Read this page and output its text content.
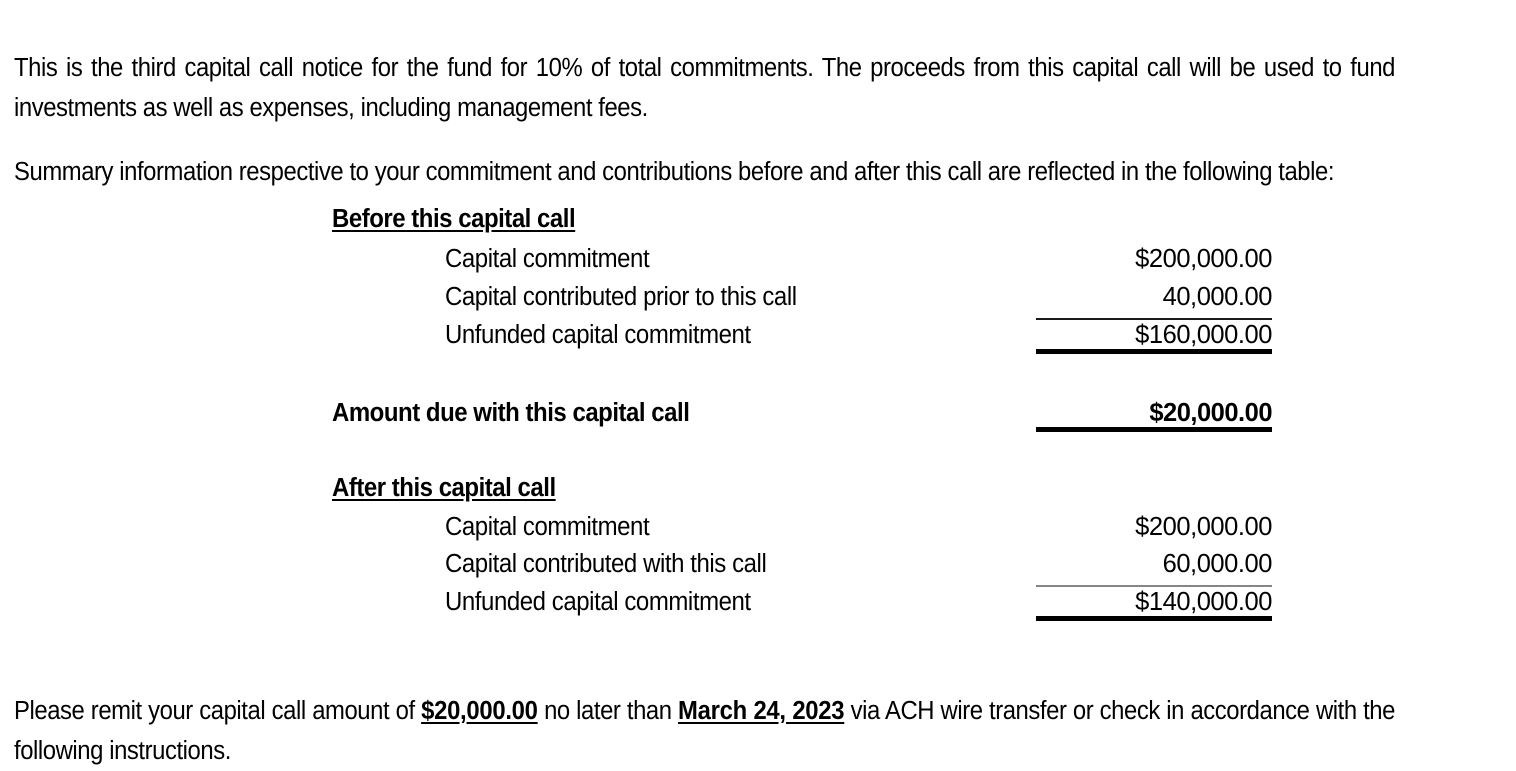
This is the third capital call notice for the fund for 10% of total commitments. The proceeds from this capital call will be used to fund investments as well as expenses, including management fees.

Summary information respective to your commitment and contributions before and after this call are reflected in the following table:

Before this capital call
Capital commitment	$200,000.00
Capital contributed prior to this call	40,000.00
Unfunded capital commitment	$160,000.00
Amount due with this capital call	$20,000.00
After this capital call
Capital commitment	$200,000.00
Capital contributed with this call	60,000.00
Unfunded capital commitment	$140,000.00

Please remit your capital call amount of $20,000.00 no later than March 24, 2023 via ACH wire transfer or check in accordance with the following instructions.
